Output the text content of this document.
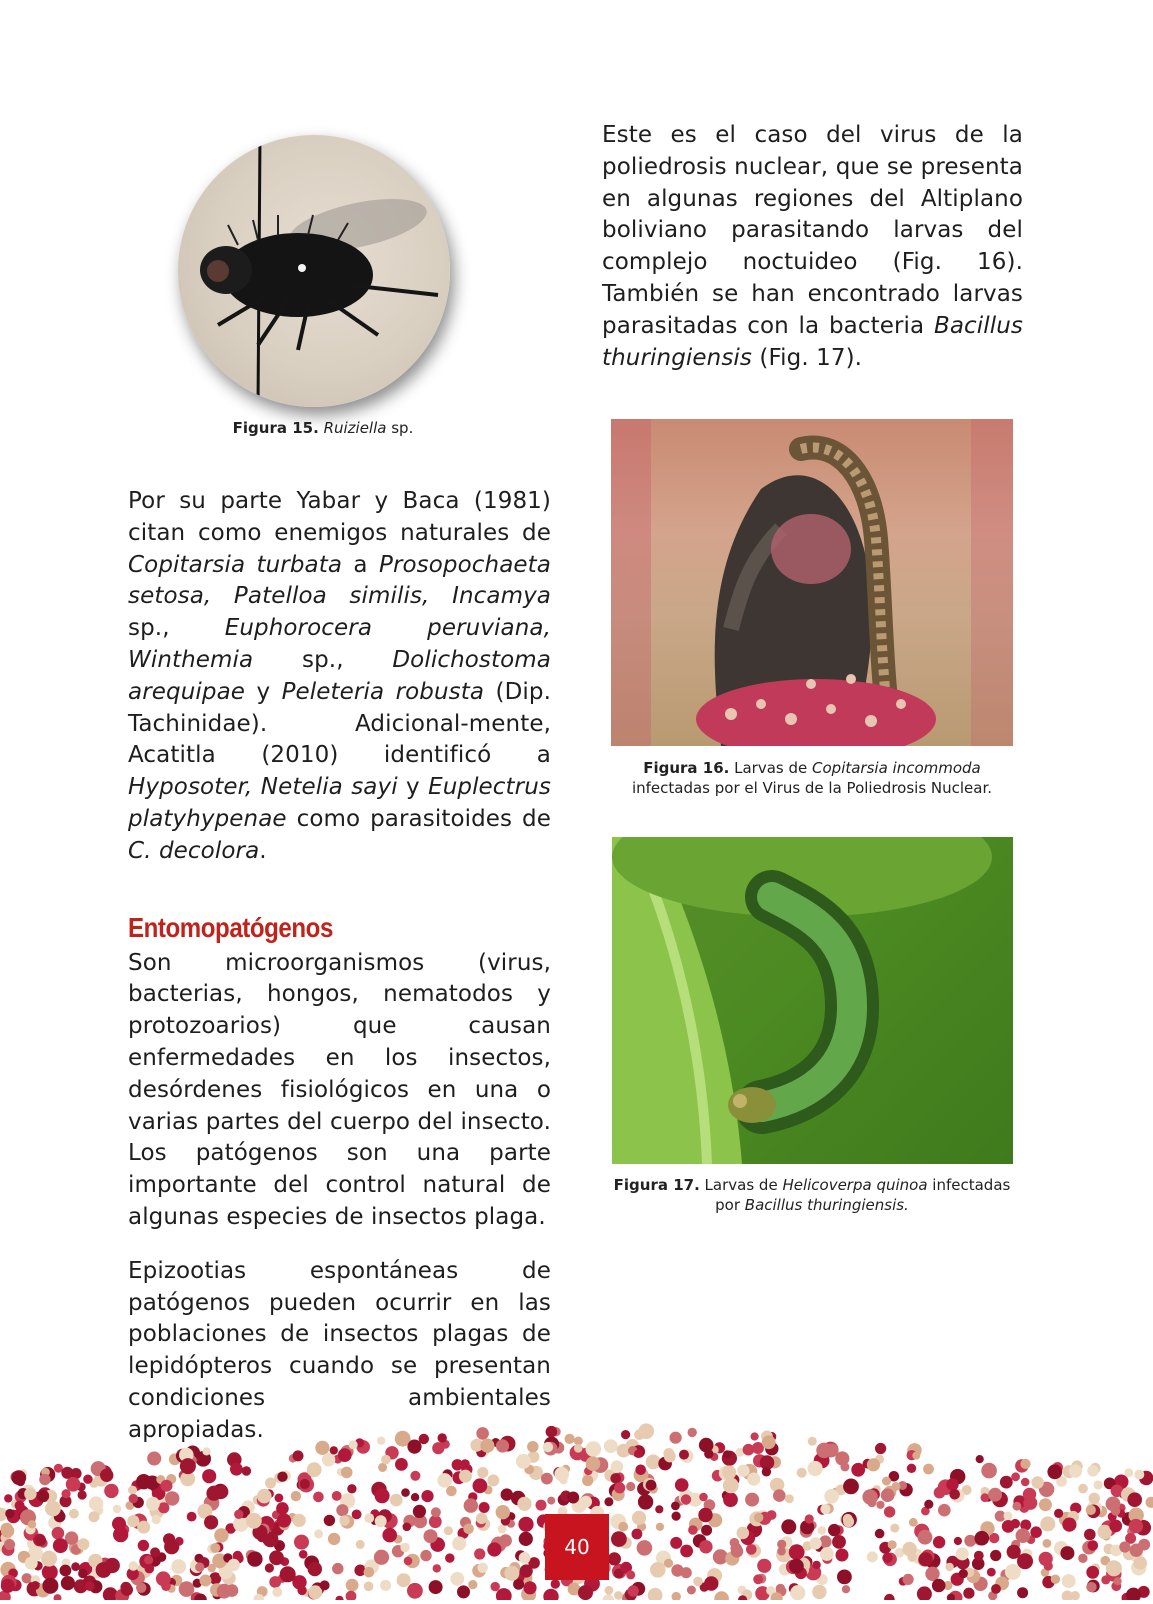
Figura 15. Ruiziella sp.

Por su parte Yabar y Baca (1981) citan como enemigos naturales de Copitarsia turbata a Prosopochaeta setosa, Patelloa similis, Incamya sp., Euphorocera peruviana, Winthemia sp., Dolichostoma arequipae y Peleteria robusta (Dip. Tachinidae). Adicional-mente, Acatitla (2010) identificó a Hyposoter, Netelia sayi y Euplectrus platyhypenae como parasitoides de C. decolora.

Entomopatógenos

Son microorganismos (virus, bacterias, hongos, nematodos y protozoarios) que causan enfermedades en los insectos, desórdenes fisiológicos en una o varias partes del cuerpo del insecto. Los patógenos son una parte importante del control natural de algunas especies de insectos plaga.

Epizootias espontáneas de patógenos pueden ocurrir en las poblaciones de insectos plagas de lepidópteros cuando se presentan condiciones ambientales apropiadas.

Este es el caso del virus de la poliedrosis nuclear, que se presenta en algunas regiones del Altiplano boliviano parasitando larvas del complejo noctuideo (Fig. 16). También se han encontrado larvas parasitadas con la bacteria Bacillus thuringiensis (Fig. 17).

Figura 16. Larvas de Copitarsia incommoda
infectadas por el Virus de la Poliedrosis Nuclear.
Figura 17. Larvas de Helicoverpa quinoa infectadas
por Bacillus thuringiensis.
40
